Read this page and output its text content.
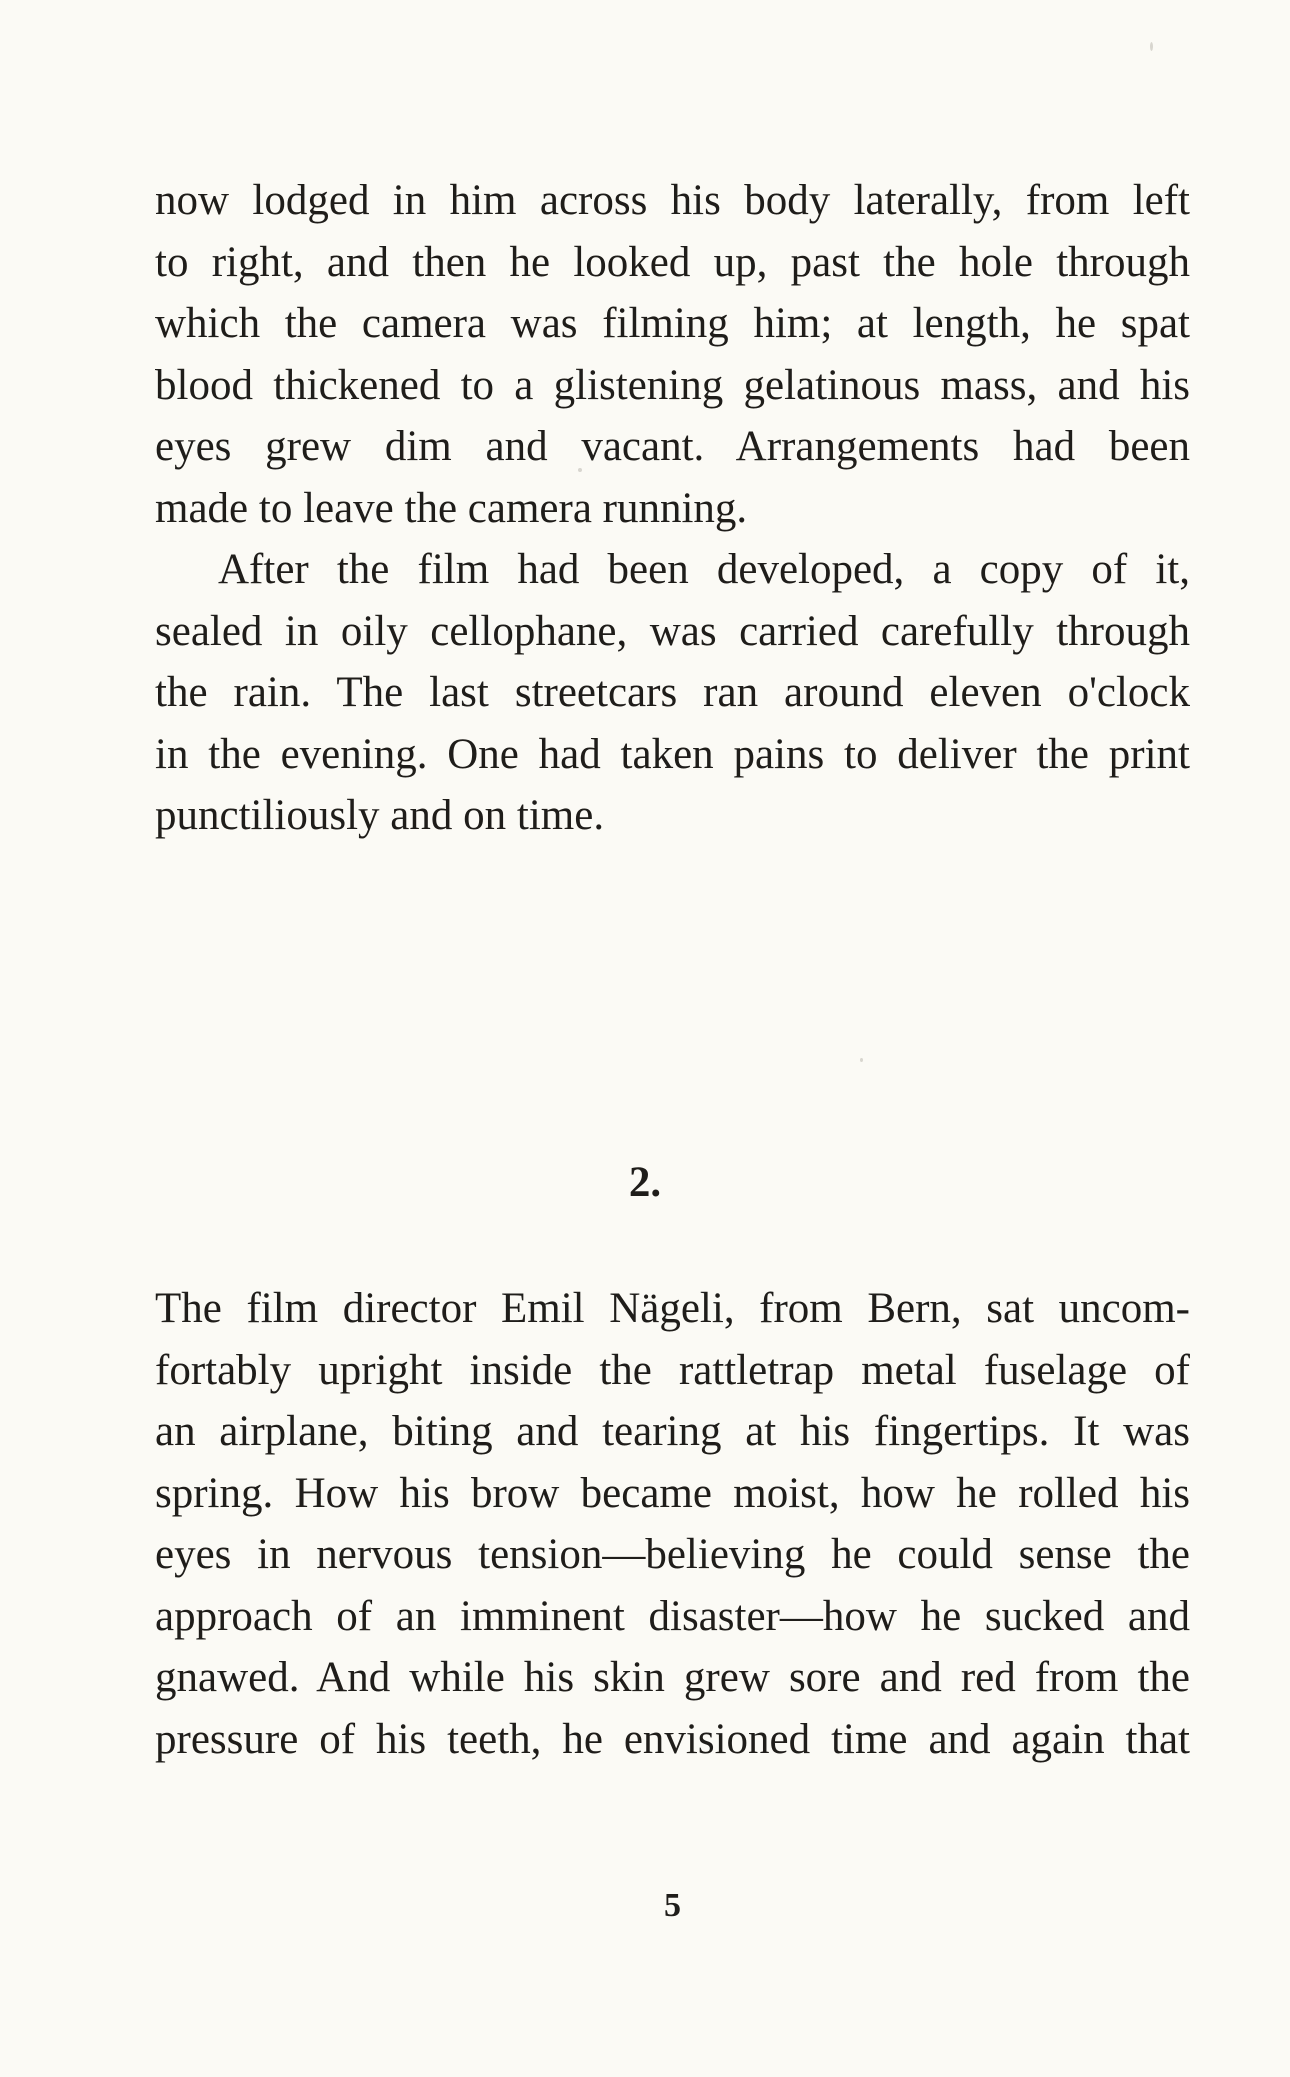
now lodged in him across his body laterally, from left
to right, and then he looked up, past the hole through
which the camera was filming him; at length, he spat
blood thickened to a glistening gelatinous mass, and his
eyes grew dim and vacant. Arrangements had been
made to leave the camera running.

After the film had been developed, a copy of it,
sealed in oily cellophane, was carried carefully through
the rain. The last streetcars ran around eleven o'clock
in the evening. One had taken pains to deliver the print
punctiliously and on time.

2.

The film director Emil Nägeli, from Bern, sat uncom-
fortably upright inside the rattletrap metal fuselage of
an airplane, biting and tearing at his fingertips. It was
spring. How his brow became moist, how he rolled his
eyes in nervous tension—believing he could sense the
approach of an imminent disaster—how he sucked and
gnawed. And while his skin grew sore and red from the
pressure of his teeth, he envisioned time and again that

5
